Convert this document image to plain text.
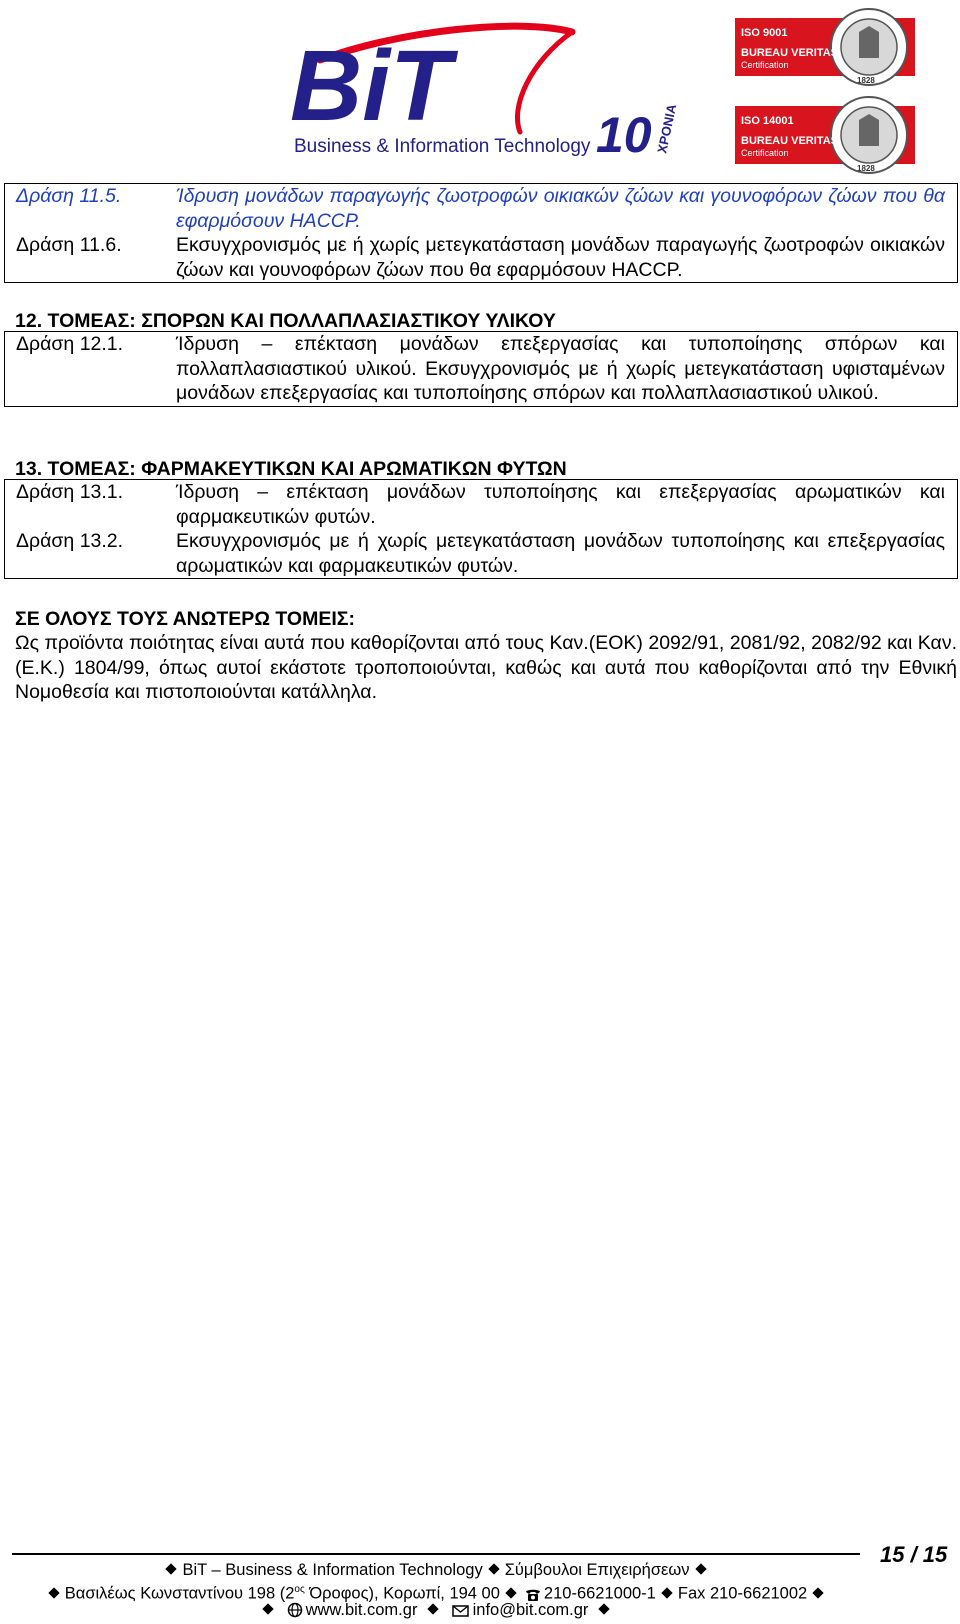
BiT
Business & Information Technology 10 ΧΡΟΝΙΑ
ISO 9001
BUREAU VERITAS
Certification
1828
ISO 14001
BUREAU VERITAS
Certification
1828
Δράση 11.5.	Ίδρυση μονάδων παραγωγής ζωοτροφών οικιακών ζώων και γουνοφόρων ζώων που θα εφαρμόσουν HACCP.
Δράση 11.6.	Εκσυγχρονισμός με ή χωρίς μετεγκατάσταση μονάδων παραγωγής ζωοτροφών οικιακών ζώων και γουνοφόρων ζώων που θα εφαρμόσουν HACCP.
12. ΤΟΜΕΑΣ: ΣΠΟΡΩΝ ΚΑΙ ΠΟΛΛΑΠΛΑΣΙΑΣΤΙΚΟΥ ΥΛΙΚΟΥ
Δράση 12.1.	Ίδρυση – επέκταση μονάδων επεξεργασίας και τυποποίησης σπόρων και πολλαπλασιαστικού υλικού. Εκσυγχρονισμός με ή χωρίς μετεγκατάσταση υφισταμένων μονάδων επεξεργασίας και τυποποίησης σπόρων και πολλαπλασιαστικού υλικού.
13. ΤΟΜΕΑΣ: ΦΑΡΜΑΚΕΥΤΙΚΩΝ ΚΑΙ ΑΡΩΜΑΤΙΚΩΝ ΦΥΤΩΝ
Δράση 13.1.	Ίδρυση – επέκταση μονάδων τυποποίησης και επεξεργασίας αρωματικών και φαρμακευτικών φυτών.
Δράση 13.2.	Εκσυγχρονισμός με ή χωρίς μετεγκατάσταση μονάδων τυποποίησης και επεξεργασίας αρωματικών και φαρμακευτικών φυτών.
ΣΕ ΟΛΟΥΣ ΤΟΥΣ ΑΝΩΤΕΡΩ ΤΟΜΕΙΣ:

Ως προϊόντα ποιότητας είναι αυτά που καθορίζονται από τους Καν.(ΕΟΚ) 2092/91, 2081/92, 2082/92 και Καν.(Ε.Κ.) 1804/99, όπως αυτοί εκάστοτε τροποποιούνται, καθώς και αυτά που καθορίζονται από την Εθνική Νομοθεσία και πιστοποιούνται κατάλληλα.

BiT – Business & Information Technology Σύμβουλοι Επιχειρήσεων
Βασιλέως Κωνσταντίνου 198 ($2^{o\varsigma}$ Όροφος), Κορωπί, 194 00	210-6621000-1 Fax 210-6621002
www.bit.com.gr	info@bit.com.gr
15 / 15
